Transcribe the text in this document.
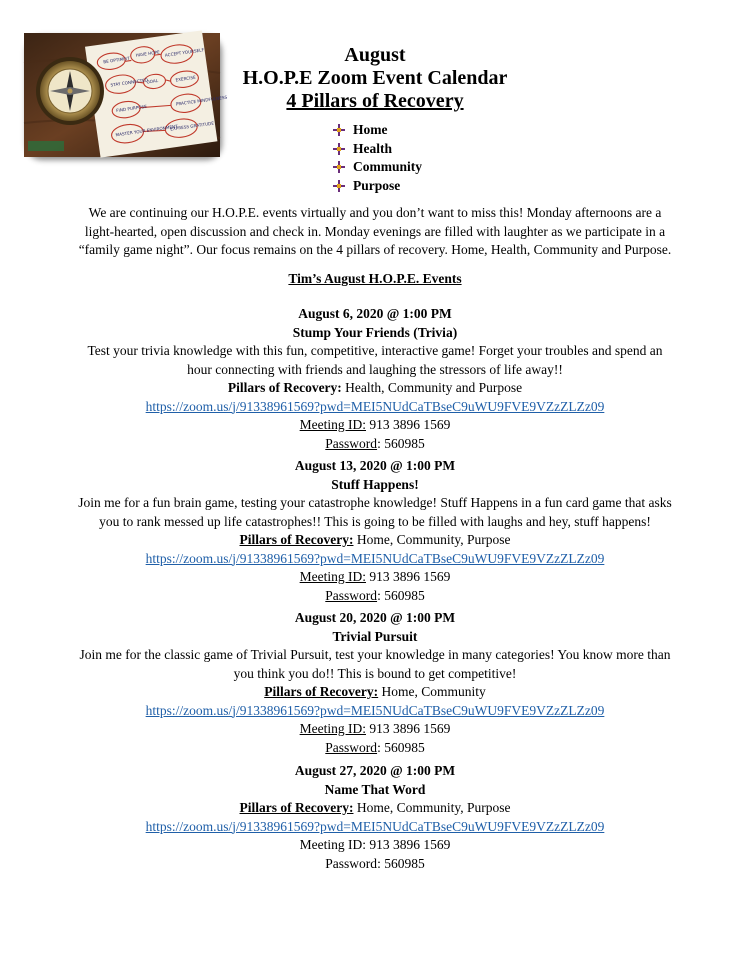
BE OPTIMIST
HAVE HOPE ACCEPT YOURSELF
STAY CONNECTED
GOAL	EXERCISE
FIND PURPOSE
PRACTICE MINDFULNESS
MASTER YOUR ENVIRONMENT
EXPRESS GRATITUDE
August
H.O.P.E Zoom Event Calendar
4 Pillars of Recovery
Home
Health
Community
Purpose
We are continuing our H.O.P.E. events virtually and you don’t want to miss this! Monday afternoons are a
light-hearted, open discussion and check in. Monday evenings are filled with laughter as we participate in a
“family game night”. Our focus remains on the 4 pillars of recovery. Home, Health, Community and Purpose.
Tim’s August H.O.P.E. Events
August 6, 2020 @ 1:00 PM
Stump Your Friends (Trivia)
Test your trivia knowledge with this fun, competitive, interactive game! Forget your troubles and spend an
hour connecting with friends and laughing the stressors of life away!!
Pillars of Recovery: Health, Community and Purpose
https://zoom.us/j/91338961569?pwd=MEI5NUdCaTBseC9uWU9FVE9VZzZLZz09
Meeting ID: 913 3896 1569
Password: 560985
August 13, 2020 @ 1:00 PM
Stuff Happens!
Join me for a fun brain game, testing your catastrophe knowledge! Stuff Happens in a fun card game that asks
you to rank messed up life catastrophes!! This is going to be filled with laughs and hey, stuff happens!
Pillars of Recovery: Home, Community, Purpose
https://zoom.us/j/91338961569?pwd=MEI5NUdCaTBseC9uWU9FVE9VZzZLZz09
Meeting ID: 913 3896 1569
Password: 560985
August 20, 2020 @ 1:00 PM
Trivial Pursuit
Join me for the classic game of Trivial Pursuit, test your knowledge in many categories! You know more than
you think you do!! This is bound to get competitive!
Pillars of Recovery: Home, Community
https://zoom.us/j/91338961569?pwd=MEI5NUdCaTBseC9uWU9FVE9VZzZLZz09
Meeting ID: 913 3896 1569
Password: 560985
August 27, 2020 @ 1:00 PM
Name That Word
Pillars of Recovery: Home, Community, Purpose
https://zoom.us/j/91338961569?pwd=MEI5NUdCaTBseC9uWU9FVE9VZzZLZz09
Meeting ID: 913 3896 1569
Password: 560985
